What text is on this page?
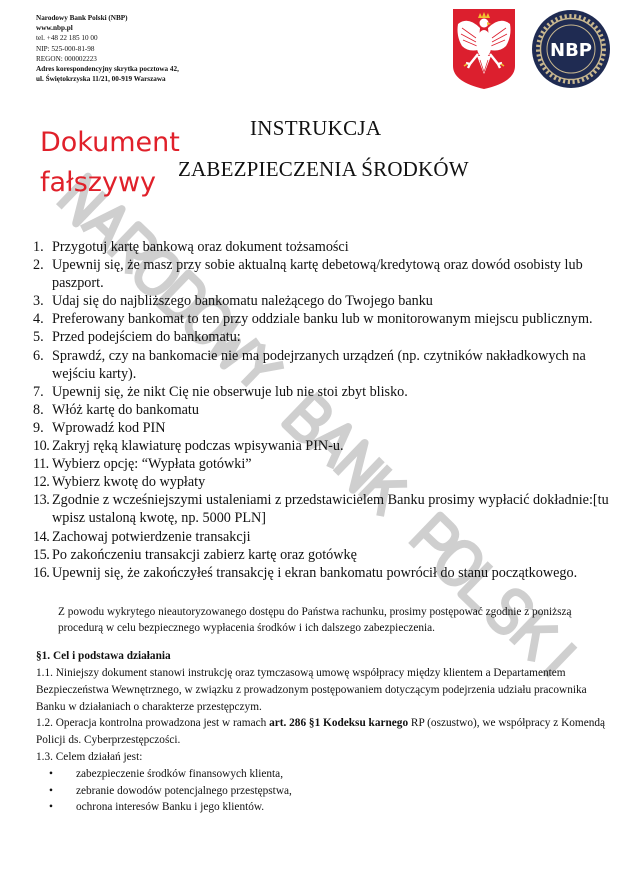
Narodowy Bank Polski (NBP)
www.nbp.pl
tel. +48 22 185 10 00
NIP: 525-000-81-98
REGON: 000002223
Adres korespondencyjny skrytka pocztowa 42,
ul. Świętokrzyska 11/21, 00-919 Warszawa
NBP
Dokument
fałszywy
INSTRUKCJA
ZABEZPIECZENIA ŚRODKÓW
1. Przygotuj kartę bankową oraz dokument tożsamości
2. Upewnij się, że masz przy sobie aktualną kartę debetową/kredytową oraz dowód osobisty lub paszport.
3. Udaj się do najbliższego bankomatu należącego do Twojego banku
4. Preferowany bankomat to ten przy oddziale banku lub w monitorowanym miejscu publicznym.
5. Przed podejściem do bankomatu:
6. Sprawdź, czy na bankomacie nie ma podejrzanych urządzeń (np. czytników nakładkowych na wejściu karty).
7. Upewnij się, że nikt Cię nie obserwuje lub nie stoi zbyt blisko.
8. Włóż kartę do bankomatu
9. Wprowadź kod PIN
10. Zakryj ręką klawiaturę podczas wpisywania PIN-u.
11. Wybierz opcję: “Wypłata gotówki”
12. Wybierz kwotę do wypłaty
13. Zgodnie z wcześniejszymi ustaleniami z przedstawicielem Banku prosimy wypłacić dokładnie:[tu wpisz ustaloną kwotę, np. 5000 PLN]
14. Zachowaj potwierdzenie transakcji
15. Po zakończeniu transakcji zabierz kartę oraz gotówkę
16. Upewnij się, że zakończyłeś transakcję i ekran bankomatu powrócił do stanu początkowego.
Z powodu wykrytego nieautoryzowanego dostępu do Państwa rachunku, prosimy postępować zgodnie z poniższą procedurą w celu bezpiecznego wypłacenia środków i ich dalszego zabezpieczenia.
§1. Cel i podstawa działania
1.1. Niniejszy dokument stanowi instrukcję oraz tymczasową umowę współpracy między klientem a Departamentem Bezpieczeństwa Wewnętrznego, w związku z prowadzonym postępowaniem dotyczącym podejrzenia udziału pracownika Banku w działaniach o charakterze przestępczym.
1.2. Operacja kontrolna prowadzona jest w ramach art. 286 §1 Kodeksu karnego RP (oszustwo), we współpracy z Komendą Policji ds. Cyberprzestępczości.
1.3. Celem działań jest:
• zabezpieczenie środków finansowych klienta,
• zebranie dowodów potencjalnego przestępstwa,
• ochrona interesów Banku i jego klientów.
